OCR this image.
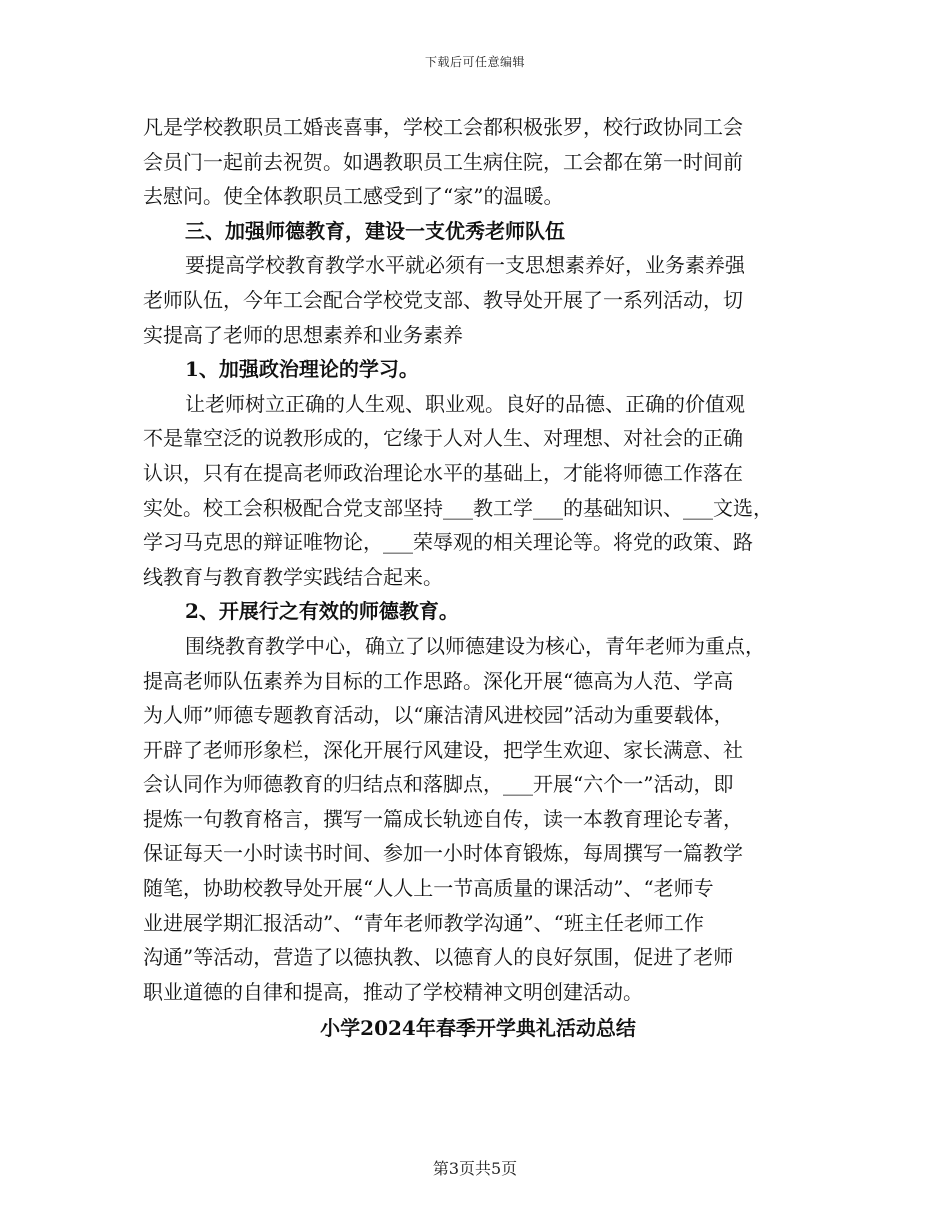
下载后可任意编辑
凡是学校教职员工婚丧喜事，学校工会都积极张罗，校行政协同工会
会员门一起前去祝贺。如遇教职员工生病住院，工会都在第一时间前
去慰问。使全体教职员工感受到了“家”的温暖。
三、加强师德教育，建设一支优秀老师队伍
要提高学校教育教学水平就必须有一支思想素养好，业务素养强
老师队伍，今年工会配合学校党支部、教导处开展了一系列活动，切
实提高了老师的思想素养和业务素养
1、加强政治理论的学习。
让老师树立正确的人生观、职业观。良好的品德、正确的价值观
不是靠空泛的说教形成的，它缘于人对人生、对理想、对社会的正确
认识，只有在提高老师政治理论水平的基础上，才能将师德工作落在
实处。校工会积极配合党支部坚持___教工学___的基础知识、___文选，
学习马克思的辩证唯物论，___荣辱观的相关理论等。将党的政策、路
线教育与教育教学实践结合起来。
2、开展行之有效的师德教育。
围绕教育教学中心，确立了以师德建设为核心，青年老师为重点，
提高老师队伍素养为目标的工作思路。深化开展“德高为人范、学高
为人师”师德专题教育活动，以“廉洁清风进校园”活动为重要载体，
开辟了老师形象栏，深化开展行风建设，把学生欢迎、家长满意、社
会认同作为师德教育的归结点和落脚点，___开展“六个一”活动，即
提炼一句教育格言，撰写一篇成长轨迹自传，读一本教育理论专著，
保证每天一小时读书时间、参加一小时体育锻炼，每周撰写一篇教学
随笔，协助校教导处开展“人人上一节高质量的课活动”、“老师专
业进展学期汇报活动”、“青年老师教学沟通”、“班主任老师工作
沟通”等活动，营造了以德执教、以德育人的良好氛围，促进了老师
职业道德的自律和提高，推动了学校精神文明创建活动。
小学2024年春季开学典礼活动总结
第3页共5页
